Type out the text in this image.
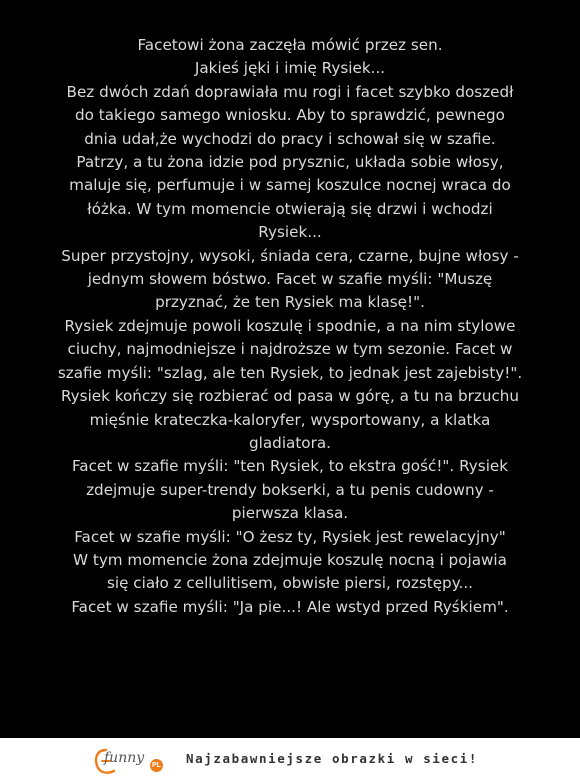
Facetowi żona zaczęła mówić przez sen.
Jakieś jęki i imię Rysiek...
Bez dwóch zdań doprawiała mu rogi i facet szybko doszedł
do takiego samego wniosku. Aby to sprawdzić, pewnego
dnia udał,że wychodzi do pracy i schował się w szafie.
Patrzy, a tu żona idzie pod prysznic, układa sobie włosy,
maluje się, perfumuje i w samej koszulce nocnej wraca do
łóżka. W tym momencie otwierają się drzwi i wchodzi
Rysiek...
Super przystojny, wysoki, śniada cera, czarne, bujne włosy -
jednym słowem bóstwo. Facet w szafie myśli: "Muszę
przyznać, że ten Rysiek ma klasę!".
Rysiek zdejmuje powoli koszulę i spodnie, a na nim stylowe
ciuchy, najmodniejsze i najdroższe w tym sezonie. Facet w
szafie myśli: "szlag, ale ten Rysiek, to jednak jest zajebisty!".
Rysiek kończy się rozbierać od pasa w górę, a tu na brzuchu
mięśnie krateczka-kaloryfer, wysportowany, a klatka
gladiatora.
Facet w szafie myśli: "ten Rysiek, to ekstra gość!". Rysiek
zdejmuje super-trendy bokserki, a tu penis cudowny -
pierwsza klasa.
Facet w szafie myśli: "O żesz ty, Rysiek jest rewelacyjny"
W tym momencie żona zdejmuje koszulę nocną i pojawia
się ciało z cellulitisem, obwisłe piersi, rozstępy...
Facet w szafie myśli: "Ja pie...! Ale wstyd przed Ryśkiem".
funny PL Najzabawniejsze obrazki w sieci!
